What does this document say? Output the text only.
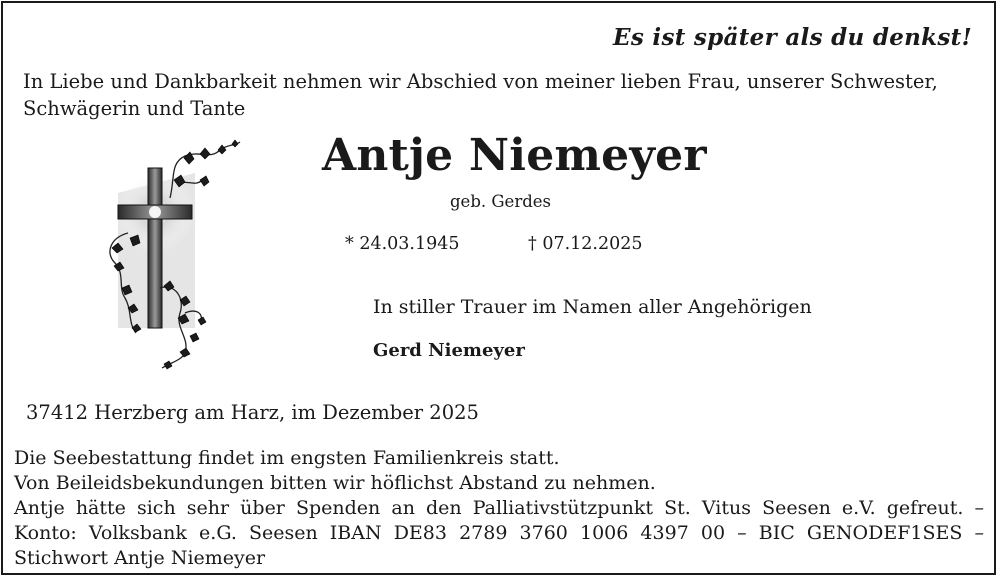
Es ist später als du denkst!
In Liebe und Dankbarkeit nehmen wir Abschied von meiner lieben Frau, unserer Schwester, Schwägerin und Tante
Antje Niemeyer
geb. Gerdes
* 24.03.1945	† 07.12.2025
In stiller Trauer im Namen aller Angehörigen
Gerd Niemeyer
37412 Herzberg am Harz, im Dezember 2025
Die Seebestattung findet im engsten Familienkreis statt.
Von Beileidsbekundungen bitten wir höflichst Abstand zu nehmen.
Antje hätte sich sehr über Spenden an den Palliativstützpunkt St. Vitus Seesen e.V. gefreut. –
Konto: Volksbank e.G. Seesen IBAN DE83 2789 3760 1006 4397 00 – BIC GENODEF1SES –
Stichwort Antje Niemeyer
